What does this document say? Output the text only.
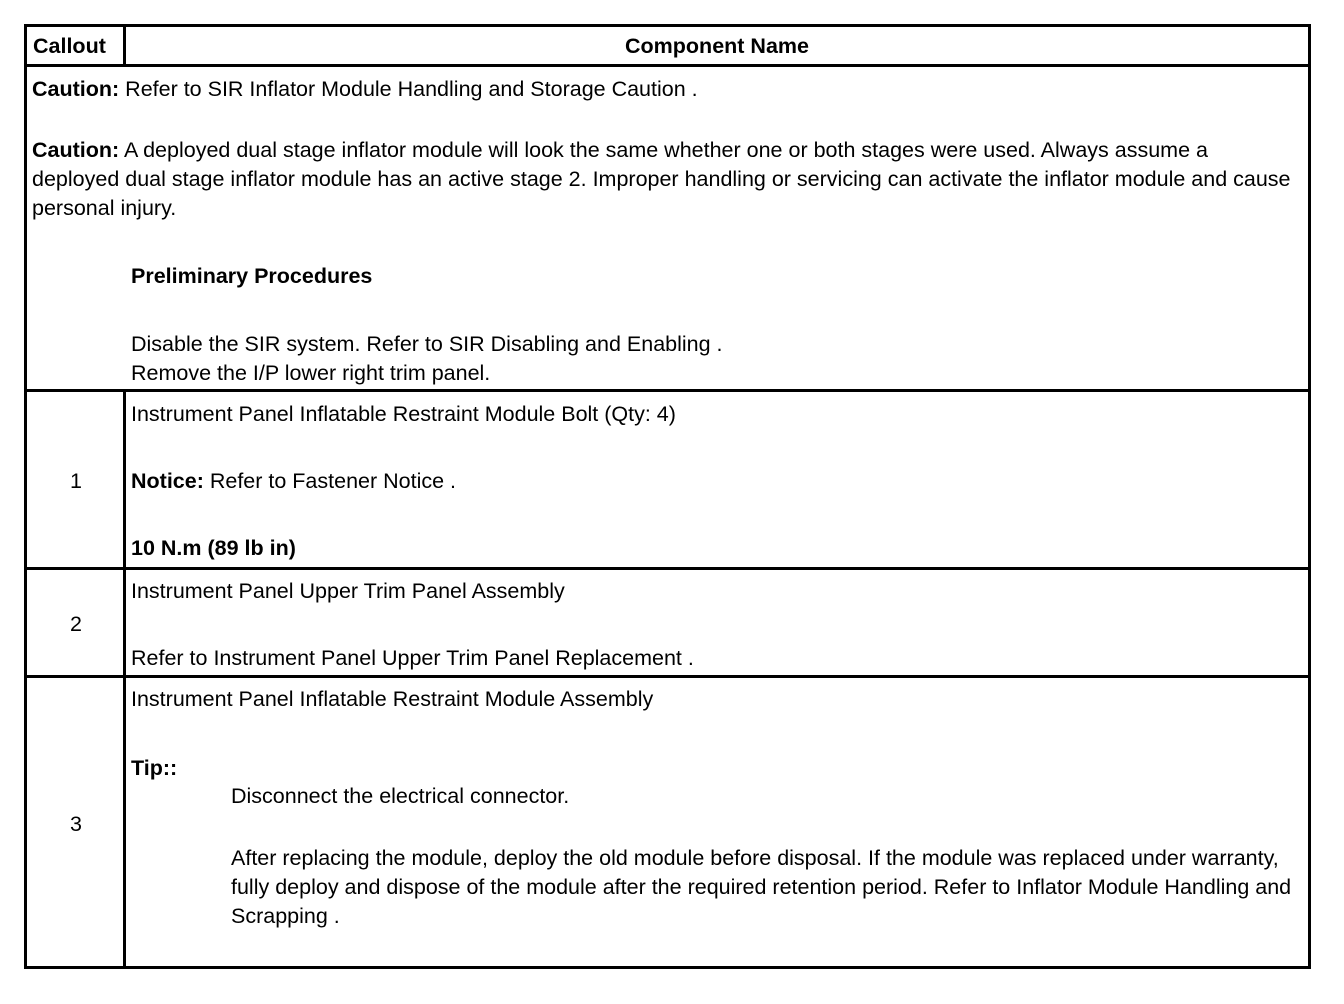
Callout	Component Name
Caution: Refer to SIR Inflator Module Handling and Storage Caution .
Caution: A deployed dual stage inflator module will look the same whether one or both stages were used. Always assume a deployed dual stage inflator module has an active stage 2. Improper handling or servicing can activate the inflator module and cause personal injury.
Preliminary Procedures
Disable the SIR system. Refer to SIR Disabling and Enabling .
Remove the I/P lower right trim panel.
1
Instrument Panel Inflatable Restraint Module Bolt (Qty: 4)
Notice: Refer to Fastener Notice .
10 N.m (89 lb in)
2
Instrument Panel Upper Trim Panel Assembly
Refer to Instrument Panel Upper Trim Panel Replacement .
3
Instrument Panel Inflatable Restraint Module Assembly
Tip::
Disconnect the electrical connector.
After replacing the module, deploy the old module before disposal. If the module was replaced under warranty, fully deploy and dispose of the module after the required retention period. Refer to Inflator Module Handling and Scrapping .
